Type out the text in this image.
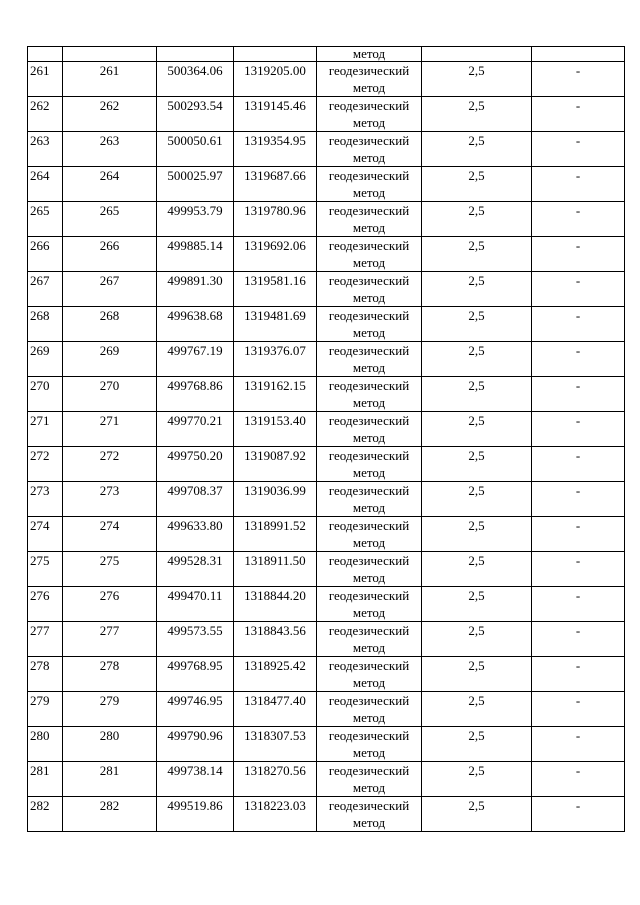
				метод		
261	261	500364.06	1319205.00	геодезический метод	2,5	-
262	262	500293.54	1319145.46	геодезический метод	2,5	-
263	263	500050.61	1319354.95	геодезический метод	2,5	-
264	264	500025.97	1319687.66	геодезический метод	2,5	-
265	265	499953.79	1319780.96	геодезический метод	2,5	-
266	266	499885.14	1319692.06	геодезический метод	2,5	-
267	267	499891.30	1319581.16	геодезический метод	2,5	-
268	268	499638.68	1319481.69	геодезический метод	2,5	-
269	269	499767.19	1319376.07	геодезический метод	2,5	-
270	270	499768.86	1319162.15	геодезический метод	2,5	-
271	271	499770.21	1319153.40	геодезический метод	2,5	-
272	272	499750.20	1319087.92	геодезический метод	2,5	-
273	273	499708.37	1319036.99	геодезический метод	2,5	-
274	274	499633.80	1318991.52	геодезический метод	2,5	-
275	275	499528.31	1318911.50	геодезический метод	2,5	-
276	276	499470.11	1318844.20	геодезический метод	2,5	-
277	277	499573.55	1318843.56	геодезический метод	2,5	-
278	278	499768.95	1318925.42	геодезический метод	2,5	-
279	279	499746.95	1318477.40	геодезический метод	2,5	-
280	280	499790.96	1318307.53	геодезический метод	2,5	-
281	281	499738.14	1318270.56	геодезический метод	2,5	-
282	282	499519.86	1318223.03	геодезический метод	2,5	-
